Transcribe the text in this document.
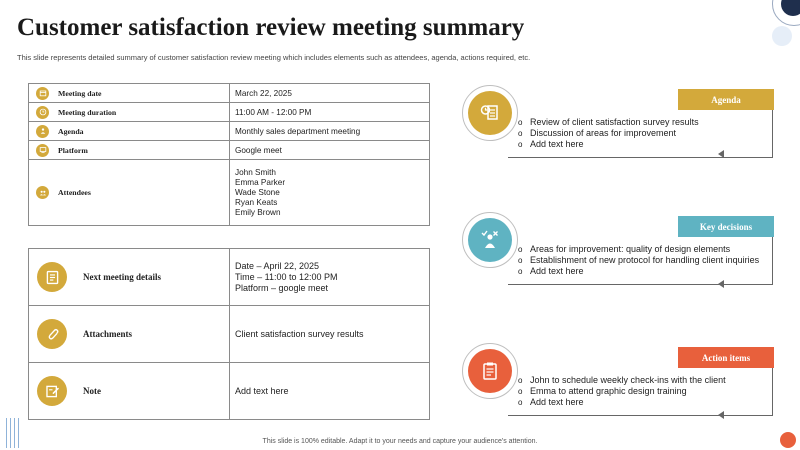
Customer satisfaction review meeting summary
This slide represents detailed summary of customer satisfaction review meeting which includes elements such as attendees, agenda, actions required, etc.
Meeting date	March 22, 2025

Meeting duration	11:00 AM - 12:00 PM

Agenda	Monthly sales department meeting

Platform	Google meet

Attendees	John Smith
Emma Parker
Wade Stone
Ryan Keats
Emily Brown
Next meeting details	Date – April 22, 2025
Time – 11:00 to 12:00 PM
Platform – google meet

Attachments	Client satisfaction survey results

Note	Add text here
Agenda
o Review of client satisfaction survey results
o Discussion of areas for improvement
o Add text here
Key decisions
o Areas for improvement: quality of design elements
o Establishment of new protocol for handling client inquiries
o Add text here
Action items
o John to schedule weekly check-ins with the client
o Emma to attend graphic design training
o Add text here
This slide is 100% editable. Adapt it to your needs and capture your audience's attention.
